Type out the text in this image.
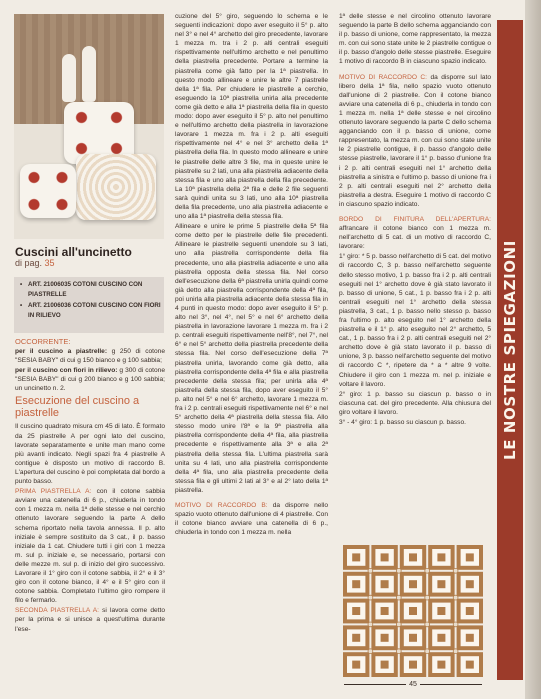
Cuscini all'uncinetto
di pag. 35
• ART. 21006035 COTONI CUSCINO CON PIASTRELLE
• ART. 21006036 COTONI CUSCINO CON FIORI IN RILIEVO
OCCORRENTE:

per il cuscino a piastrelle: g 250 di cotone "SESIA BABY" di cui g 150 bianco e g 100 sabbia;

per il cuscino con fiori in rilievo: g 300 di cotone "SESIA BABY" di cui g 200 bianco e g 100 sabbia; un uncinetto n. 2.

Esecuzione del cuscino a piastrelle

Il cuscino quadrato misura cm 45 di lato. È formato da 25 piastrelle A per ogni lato del cuscino, lavorate separatamente e unite man mano come più avanti indicato. Negli spazi fra 4 piastrelle A contigue è disposto un motivo di raccordo B. L'apertura del cuscino è poi completata dal bordo a punto basso.

PRIMA PIASTRELLA A: con il cotone sabbia avviare una catenella di 6 p., chiuderla in tondo con 1 mezza m. nella 1ª delle stesse e nel cerchio ottenuto lavorare seguendo la parte A dello schema riportato nella tavola annessa. Il p. alto iniziale è sempre sostituito da 3 cat., il p. basso iniziale da 1 cat. Chiudere tutti i giri con 1 mezza m. sul p. iniziale e, se necessario, portarsi con delle mezze m. sul p. di inizio del giro successivo. Lavorare il 1° giro con il cotone sabbia, il 2° e il 3° giro con il cotone bianco, il 4° e il 5° giro con il cotone sabbia. Completato l'ultimo giro rompere il filo e fermarlo.

SECONDA PIASTRELLA A: si lavora come detto per la prima e si unisce a quest'ultima durante l'ese-

cuzione del 5° giro, seguendo lo schema e le seguenti indicazioni: dopo aver eseguito il 5° p. alto nel 3° e nel 4° archetto del giro precedente, lavorare 1 mezza m. tra i 2 p. alti centrali eseguiti rispettivamente nell'ultimo archetto e nel penultimo della piastrella precedente. Portare a termine la piastrella come già fatto per la 1ª piastrella. In questo modo allineare e unire le altre 7 piastrelle della 1ª fila. Per chiudere le piastrelle a cerchio, eseguendo la 10ª piastrella unirla alla precedente come già detto e alla 1ª piastrella della fila in questo modo: dopo aver eseguito il 5° p. alto nel penultimo e nell'ultimo archetto della piastrella in lavorazione lavorare 1 mezza m. fra i 2 p. alti eseguiti rispettivamente nel 4° e nel 3° archetto della 1ª piastrella della fila. In questo modo allineare e unire le piastrelle delle altre 3 file, ma in queste unire le piastrelle su 2 lati, una alla piastrella adiacente della stessa fila e uno alla piastrella della fila precedente. La 10ª piastrella della 2ª fila e delle 2 file seguenti sarà quindi unita su 3 lati, uno alla 10ª piastrella della fila precedente, uno alla piastrella adiacente e uno alla 1ª piastrella della stessa fila.

Allineare e unire le prime 5 piastrelle della 5ª fila come detto per le piastrelle delle file precedenti. Allineare le piastrelle seguenti unendole su 3 lati, uno alla piastrella corrispondente della fila precedente, uno alla piastrella adiacente e uno alla piastrella opposta della stessa fila. Nel corso dell'esecuzione della 6ª piastrella unirla quindi come già detto alla piastrella corrispondente della 4ª fila, poi unirla alla piastrella adiacente della stessa fila in 4 punti in questo modo: dopo aver eseguito il 5° p. alto nel 3°, nel 4°, nel 5° e nel 6° archetto della piastrella in lavorazione lavorare 1 mezza m. fra i 2 p. centrali eseguiti rispettivamente nell'8°, nel 7°, nel 6° e nel 5° archetto della piastrella precedente della stessa fila. Nel corso dell'esecuzione della 7ª piastrella unirla, lavorando come già detto, alla piastrella corrispondente della 4ª fila e alla piastrella precedente della stessa fila; per unirla alla 4ª piastrella della stessa fila, dopo aver eseguito il 5° p. alto nel 5° e nel 6° archetto, lavorare 1 mezza m. fra i 2 p. centrali eseguiti rispettivamente nel 6° e nel 5° archetto della 4ª piastrella della stessa fila. Allo stesso modo unire l'8ª e la 9ª piastrella alla piastrella corrispondente della 4ª fila, alla piastrella precedente e rispettivamente alla 3ª e alla 2ª piastrella della stessa fila. L'ultima piastrella sarà unita su 4 lati, uno alla piastrella corrispondente della 4ª fila, uno alla piastrella precedente della stessa fila e gli ultimi 2 lati al 3° e al 2° lato della 1ª piastrella.

MOTIVO DI RACCORDO B: da disporre nello spazio vuoto ottenuto dall'unione di 4 piastrelle. Con il cotone bianco avviare una catenella di 6 p., chiuderla in tondo con 1 mezza m. nella

1ª delle stesse e nel circolino ottenuto lavorare seguendo la parte B dello schema agganciando con il p. basso di unione, come rappresentato, la mezza m. con cui sono state unite le 2 piastrelle contigue o il p. basso d'angolo delle stesse piastrelle. Eseguire 1 motivo di raccordo B in ciascuno spazio indicato.

MOTIVO DI RACCORDO C: da disporre sul lato libero della 1ª fila, nello spazio vuoto ottenuto dall'unione di 2 piastrelle. Con il cotone bianco avviare una catenella di 6 p., chiuderla in tondo con 1 mezza m. nella 1ª delle stesse e nel circolino ottenuto lavorare seguendo la parte C dello schema agganciando con il p. basso di unione, come rappresentato, la mezza m. con cui sono state unite le 2 piastrelle contigue, il p. basso d'angolo delle stesse piastrelle, lavorare il 1° p. basso d'unione fra i 2 p. alti centrali eseguiti nel 1° archetto della piastrella a sinistra e l'ultimo p. basso di unione fra i 2 p. alti centrali eseguiti nel 2° archetto della piastrella a destra. Eseguire 1 motivo di raccordo C in ciascuno spazio indicato.

BORDO DI FINITURA DELL'APERTURA: affrancare il cotone bianco con 1 mezza m. nell'archetto di 5 cat. di un motivo di raccordo C, lavorare:

1° giro: * 5 p. basso nell'archetto di 5 cat. del motivo di raccordo C, 3 p. basso nell'archetto seguente dello stesso motivo, 1 p. basso fra i 2 p. alti centrali eseguiti nel 1° archetto dove è già stato lavorato il p. basso di unione, 5 cat., 1 p. basso fra i 2 p. alti centrali eseguiti nel 1° archetto della stessa piastrella, 3 cat., 1 p. basso nello stesso p. basso fra l'ultimo p. alto eseguito nel 1° archetto della piastrella e il 1° p. alto eseguito nel 2° archetto, 5 cat., 1 p. basso fra i 2 p. alti centrali eseguiti nel 2° archetto dove è già stato lavorato il p. basso di unione, 3 p. basso nell'archetto seguente del motivo di raccordo C *, ripetere da * a * altre 9 volte. Chiudere il giro con 1 mezza m. nel p. iniziale e voltare il lavoro.

2° giro: 1 p. basso su ciascun p. basso o in ciascuna cat. del giro precedente. Alla chiusura del giro voltare il lavoro.

3° - 4° giro: 1 p. basso su ciascun p. basso.

45
LE NOSTRE SPIEGAZIONI
